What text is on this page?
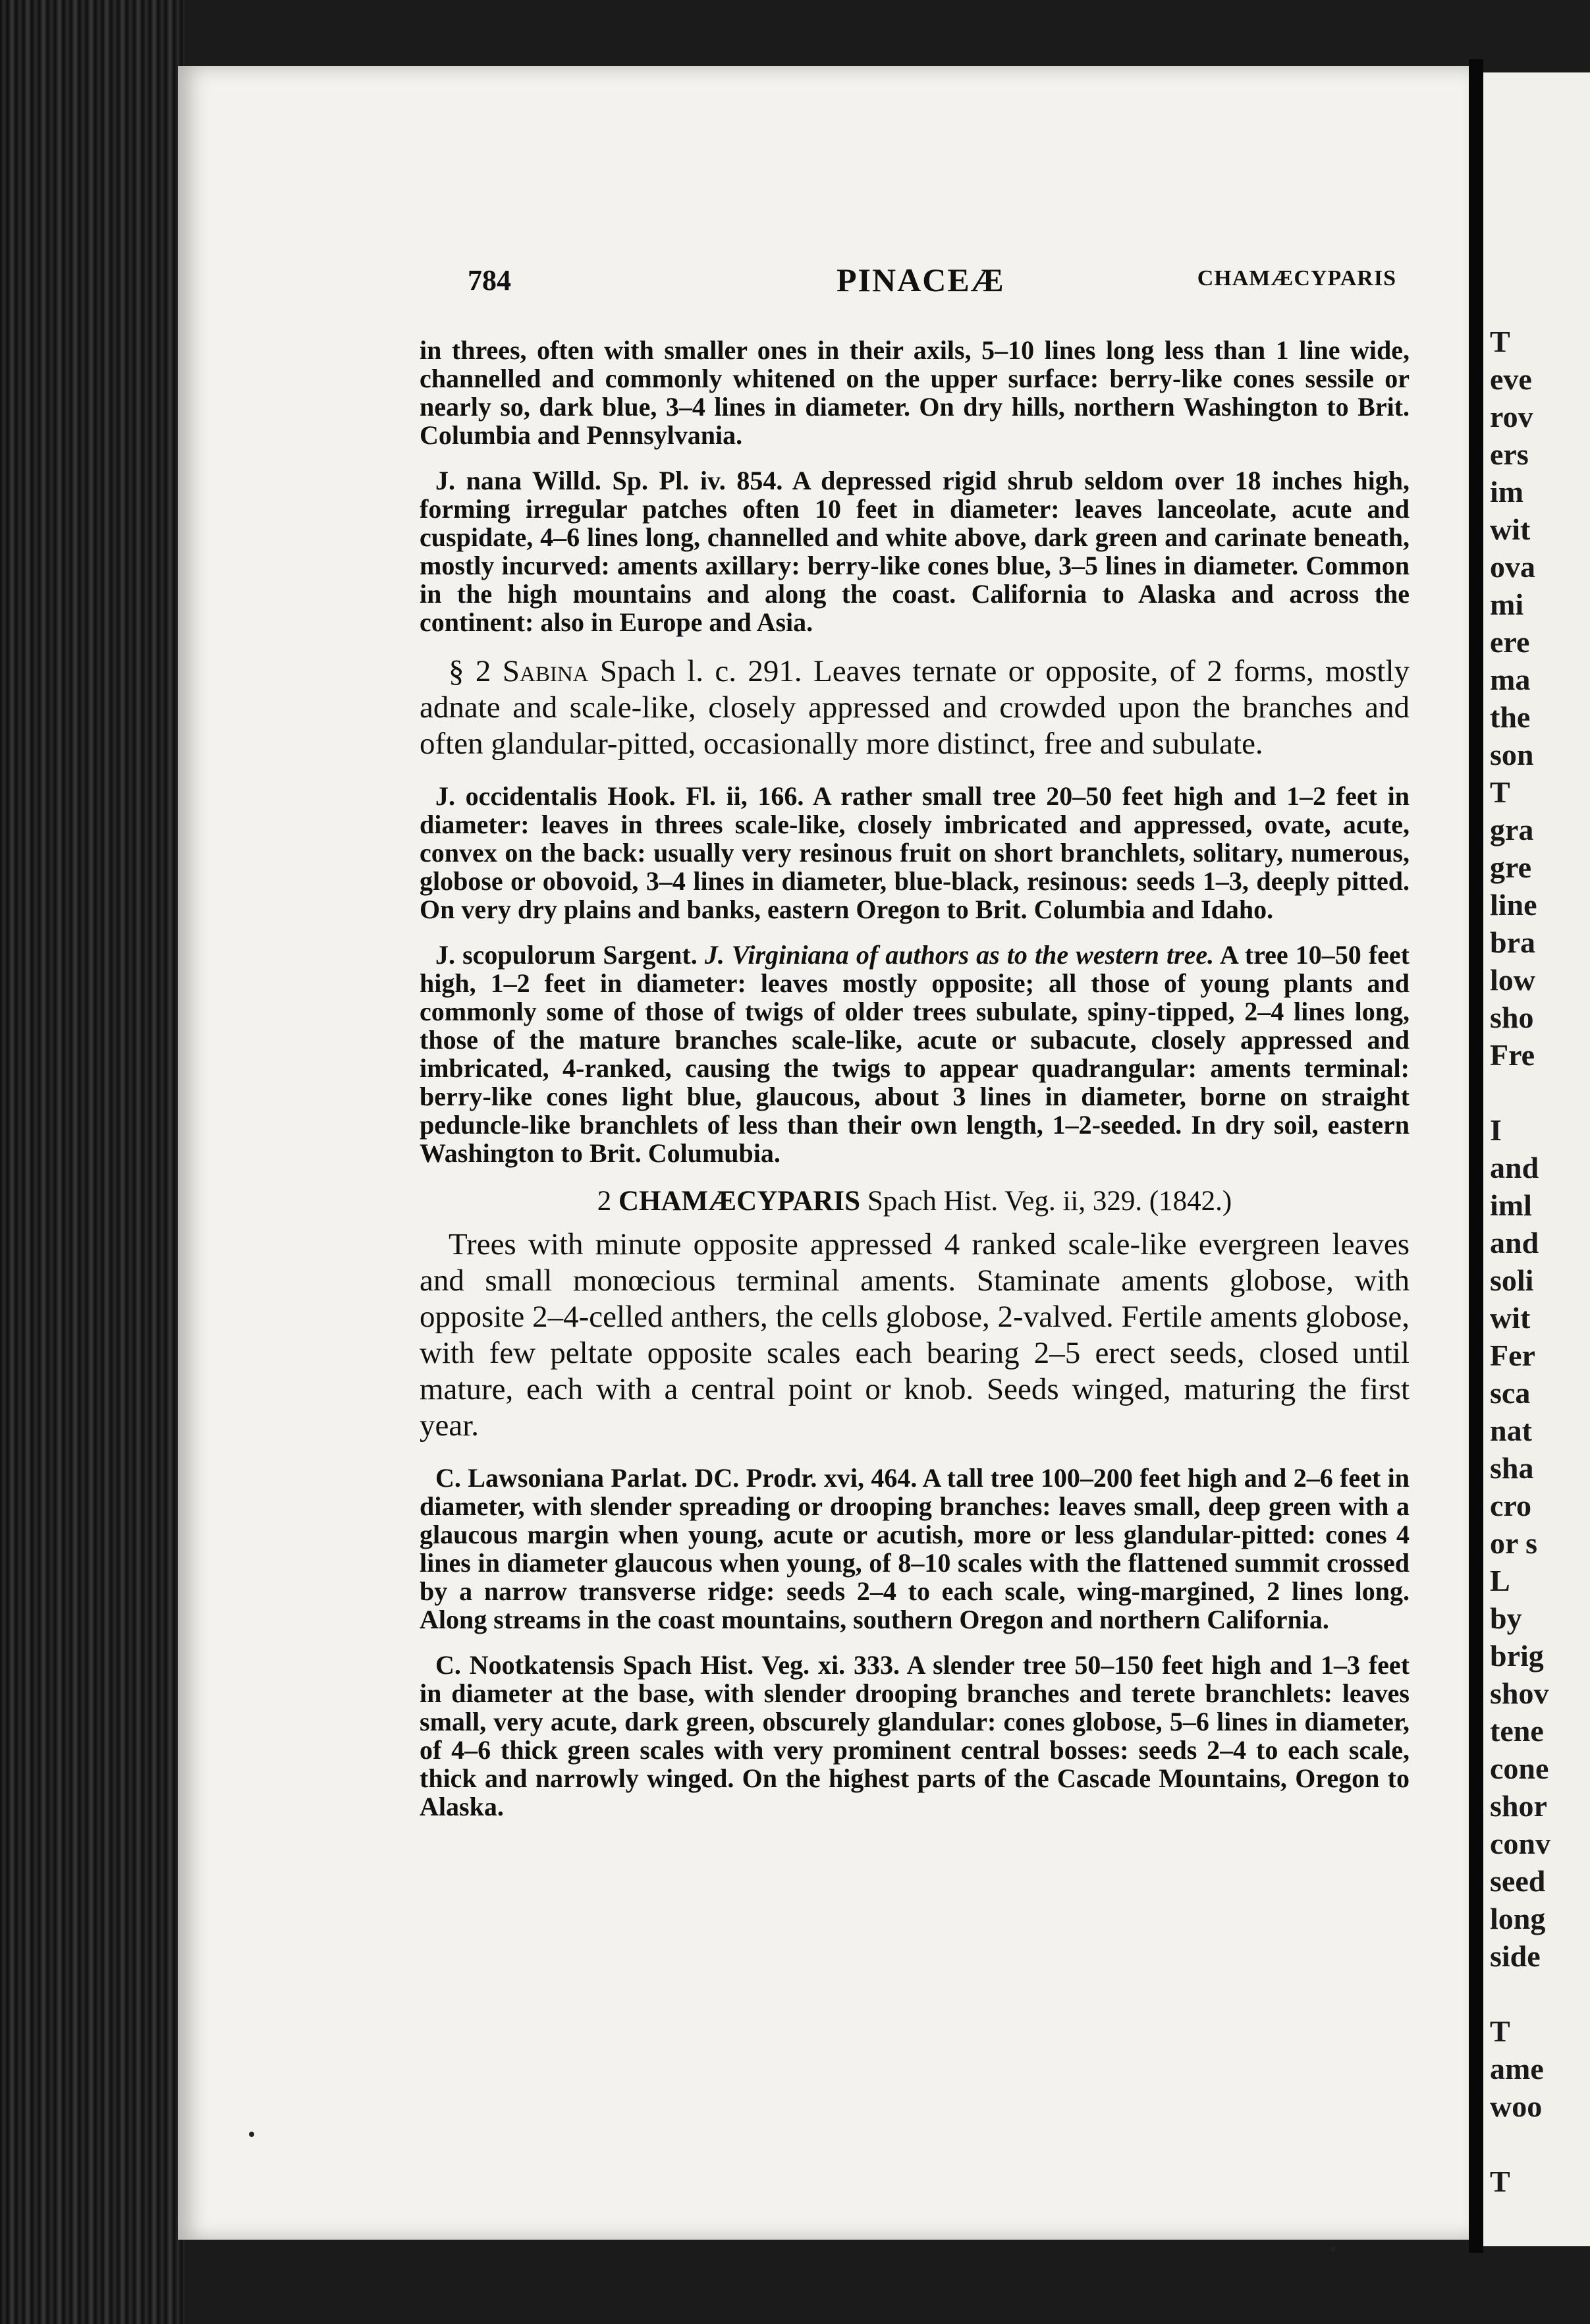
T
eve
rov
ers
im
wit
ova
mi
ere
ma
the
son
T
gra
gre
line
bra
low
sho
Fre

I
and
iml
and
soli
wit
Fer
sca
nat
sha
cro
or s
L
by
brig
shov
tene
cone
shor
conv
seed
long
side

T
ame
woo

T
784	PINACEÆ	CHAMÆCYPARIS

in threes, often with smaller ones in their axils, 5–10 lines long less than 1 line wide, channelled and commonly whitened on the upper surface: berry-like cones sessile or nearly so, dark blue, 3–4 lines in diameter. On dry hills, northern Washington to Brit. Columbia and Pennsylvania.

J. nana Willd. Sp. Pl. iv. 854. A depressed rigid shrub seldom over 18 inches high, forming irregular patches often 10 feet in diameter: leaves lanceolate, acute and cuspidate, 4–6 lines long, channelled and white above, dark green and carinate beneath, mostly incurved: aments axillary: berry-like cones blue, 3–5 lines in diameter. Common in the high mountains and along the coast. California to Alaska and across the continent: also in Europe and Asia.

§ 2 Sabina Spach l. c. 291. Leaves ternate or opposite, of 2 forms, mostly adnate and scale-like, closely appressed and crowded upon the branches and often glandular-pitted, occasionally more distinct, free and subulate.

J. occidentalis Hook. Fl. ii, 166. A rather small tree 20–50 feet high and 1–2 feet in diameter: leaves in threes scale-like, closely imbricated and appressed, ovate, acute, convex on the back: usually very resinous fruit on short branchlets, solitary, numerous, globose or obovoid, 3–4 lines in diameter, blue-black, resinous: seeds 1–3, deeply pitted. On very dry plains and banks, eastern Oregon to Brit. Columbia and Idaho.

J. scopulorum Sargent. J. Virginiana of authors as to the western tree. A tree 10–50 feet high, 1–2 feet in diameter: leaves mostly opposite; all those of young plants and commonly some of those of twigs of older trees subulate, spiny-tipped, 2–4 lines long, those of the mature branches scale-like, acute or subacute, closely appressed and imbricated, 4-ranked, causing the twigs to appear quadrangular: aments terminal: berry-like cones light blue, glaucous, about 3 lines in diameter, borne on straight peduncle-like branchlets of less than their own length, 1–2-seeded. In dry soil, eastern Washington to Brit. Columubia.

2 CHAMÆCYPARIS Spach Hist. Veg. ii, 329. (1842.)

Trees with minute opposite appressed 4 ranked scale-like evergreen leaves and small monœcious terminal aments. Staminate aments globose, with opposite 2–4-celled anthers, the cells globose, 2-valved. Fertile aments globose, with few peltate opposite scales each bearing 2–5 erect seeds, closed until mature, each with a central point or knob. Seeds winged, maturing the first year.

C. Lawsoniana Parlat. DC. Prodr. xvi, 464. A tall tree 100–200 feet high and 2–6 feet in diameter, with slender spreading or drooping branches: leaves small, deep green with a glaucous margin when young, acute or acutish, more or less glandular-pitted: cones 4 lines in diameter glaucous when young, of 8–10 scales with the flattened summit crossed by a narrow transverse ridge: seeds 2–4 to each scale, wing-margined, 2 lines long. Along streams in the coast mountains, southern Oregon and northern California.

C. Nootkatensis Spach Hist. Veg. xi. 333. A slender tree 50–150 feet high and 1–3 feet in diameter at the base, with slender drooping branches and terete branchlets: leaves small, very acute, dark green, obscurely glandular: cones globose, 5–6 lines in diameter, of 4–6 thick green scales with very prominent central bosses: seeds 2–4 to each scale, thick and narrowly winged. On the highest parts of the Cascade Mountains, Oregon to Alaska.
